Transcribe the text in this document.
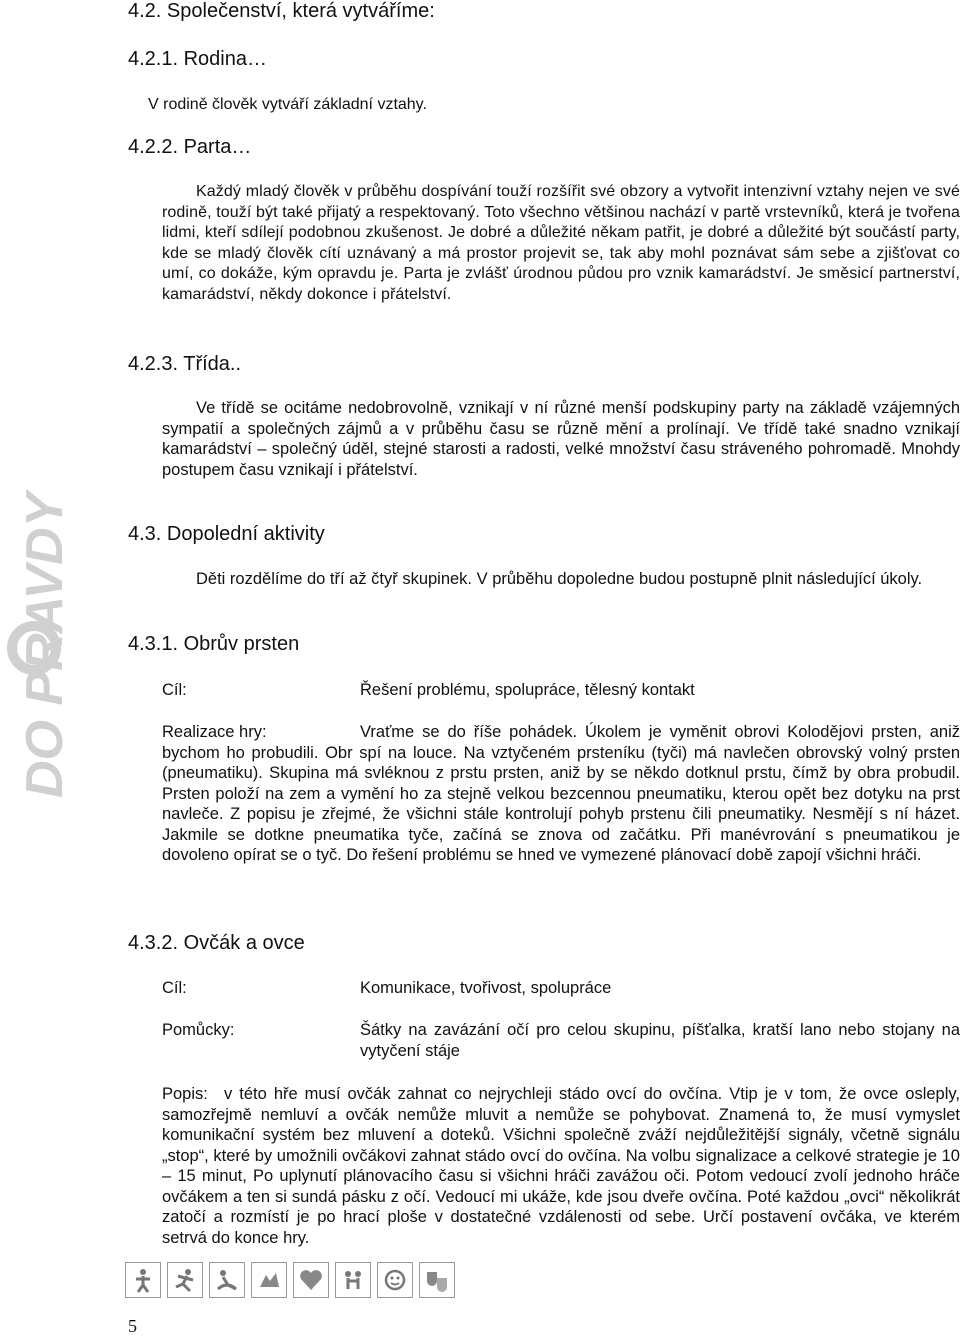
4.2. Společenství, která vytváříme:
4.2.1. Rodina…
V rodině člověk vytváří základní vztahy.
4.2.2. Parta…
Každý mladý člověk v průběhu dospívání touží rozšířit své obzory a vytvořit intenzivní vztahy nejen ve své rodině, touží být také přijatý a respektovaný. Toto všechno většinou nachází v partě vrstevníků, která je tvořena lidmi, kteří sdílejí podobnou zkušenost. Je dobré a důležité někam patřit, je dobré a důležité být součástí party, kde se mladý člověk cítí uznávaný a má prostor projevit se, tak aby mohl poznávat sám sebe a zjišťovat co umí, co dokáže, kým opravdu je. Parta je zvlášť úrodnou půdou pro vznik kamarádství. Je směsicí partnerství, kamarádství, někdy dokonce i přátelství.
4.2.3. Třída..
Ve třídě se ocitáme nedobrovolně, vznikají v ní různé menší podskupiny party na základě vzájemných sympatií a společných zájmů a v průběhu času se různě mění a prolínají. Ve třídě také snadno vznikají kamarádství – společný úděl, stejné starosti a radosti, velké množství času stráveného pohromadě. Mnohdy postupem času vznikají i přátelství.
4.3. Dopolední aktivity
Děti rozdělíme do tří až čtyř skupinek. V průběhu dopoledne budou postupně plnit následující úkoly.
4.3.1. Obrův prsten
Cíl:	Řešení problému, spolupráce, tělesný kontakt
Realizace hry:	Vraťme se do říše pohádek. Úkolem je vyměnit obrovi Kolodějovi prsten, aniž bychom ho probudili. Obr spí na louce. Na vztyčeném prsteníku (tyči) má navlečen obrovský volný prsten (pneumatiku). Skupina má svléknou z prstu prsten, aniž by se někdo dotknul prstu, čímž by obra probudil. Prsten položí na zem a vymění ho za stejně velkou bezcennou pneumatiku, kterou opět bez dotyku na prst navleče. Z popisu je zřejmé, že všichni stále kontrolují pohyb prstenu čili pneumatiky. Nesmějí s ní házet. Jakmile se dotkne pneumatika tyče, začíná se znova od začátku. Při manévrování s pneumatikou je dovoleno opírat se o tyč. Do řešení problému se hned ve vymezené plánovací době zapojí všichni hráči.
4.3.2. Ovčák a ovce
Cíl:	Komunikace, tvořivost, spolupráce
Pomůcky:	Šátky na zavázání očí pro celou skupinu, píšťalka, kratší lano nebo stojany na vytyčení stáje
Popis: v této hře musí ovčák zahnat co nejrychleji stádo ovcí do ovčína. Vtip je v tom, že ovce osleply, samozřejmě nemluví a ovčák nemůže mluvit a nemůže se pohybovat. Znamená to, že musí vymyslet komunikační systém bez mluvení a doteků. Všichni společně zváží nejdůležitější signály, včetně signálu „stop“, které by umožnili ovčákovi zahnat stádo ovcí do ovčína. Na volbu signalizace a celkové strategie je 10 – 15 minut, Po uplynutí plánovacího času si všichni hráči zavážou oči. Potom vedoucí zvolí jednoho hráče ovčákem a ten si sundá pásku z očí. Vedoucí mi ukáže, kde jsou dveře ovčína. Poté každou „ovci“ několikrát zatočí a rozmístí je po hrací ploše v dostatečné vzdálenosti od sebe. Určí postavení ovčáka, ve kterém setrvá do konce hry.
DO PRAVDY
5
